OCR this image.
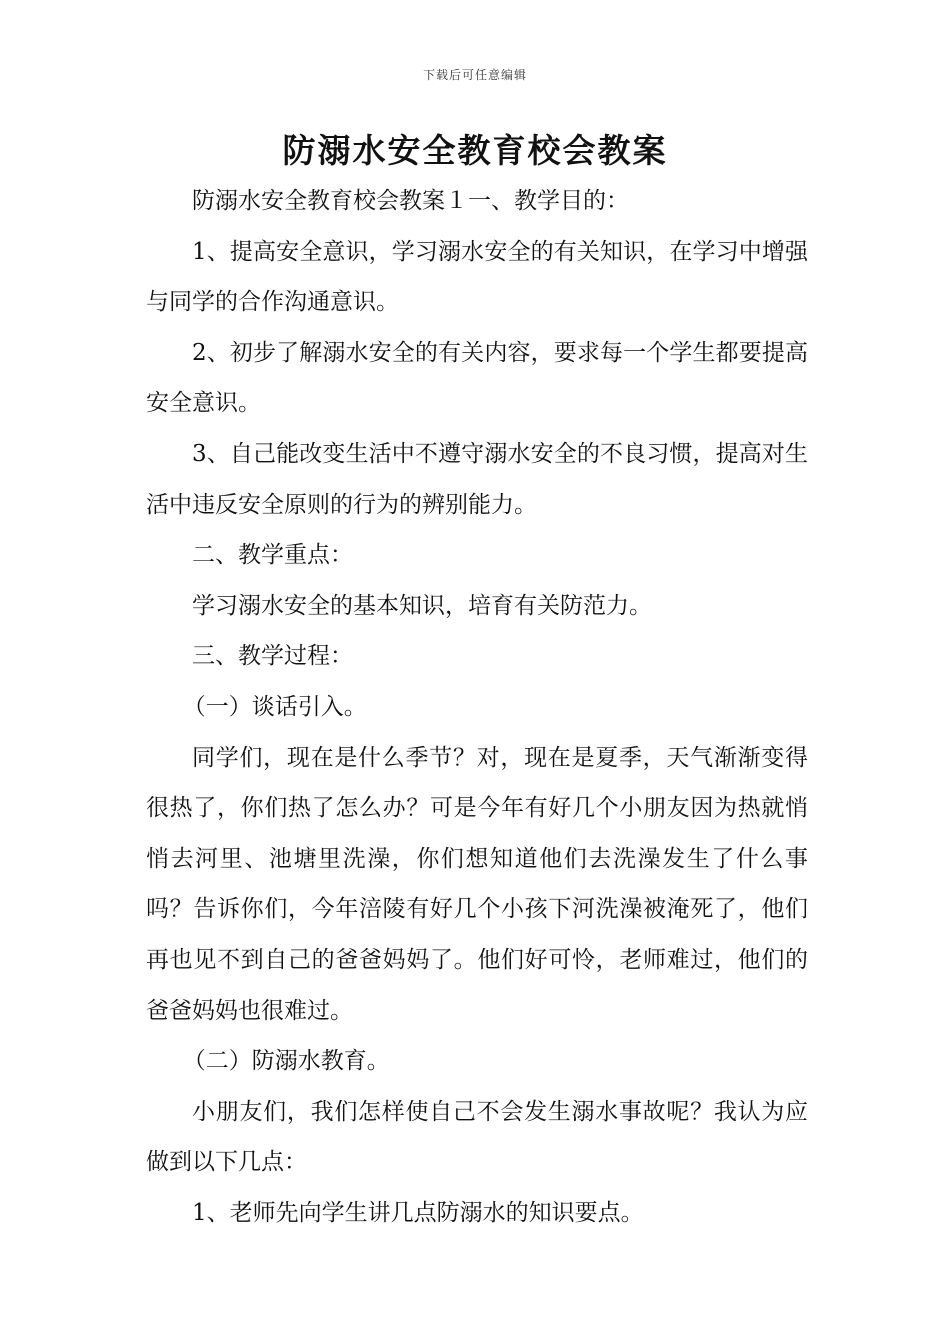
下载后可任意编辑
防溺水安全教育校会教案

防溺水安全教育校会教案１一、教学目的：

1、提高安全意识，学习溺水安全的有关知识，在学习中增强与同学的合作沟通意识。

2、初步了解溺水安全的有关内容，要求每一个学生都要提高安全意识。

3、自己能改变生活中不遵守溺水安全的不良习惯，提高对生活中违反安全原则的行为的辨别能力。

二、教学重点：

学习溺水安全的基本知识，培育有关防范力。

三、教学过程：

（一）谈话引入。

同学们，现在是什么季节？对，现在是夏季，天气渐渐变得很热了，你们热了怎么办？可是今年有好几个小朋友因为热就悄悄去河里、池塘里洗澡，你们想知道他们去洗澡发生了什么事吗？告诉你们，今年涪陵有好几个小孩下河洗澡被淹死了，他们再也见不到自己的爸爸妈妈了。他们好可怜，老师难过，他们的爸爸妈妈也很难过。

（二）防溺水教育。

小朋友们，我们怎样使自己不会发生溺水事故呢？我认为应做到以下几点：

1、老师先向学生讲几点防溺水的知识要点。
